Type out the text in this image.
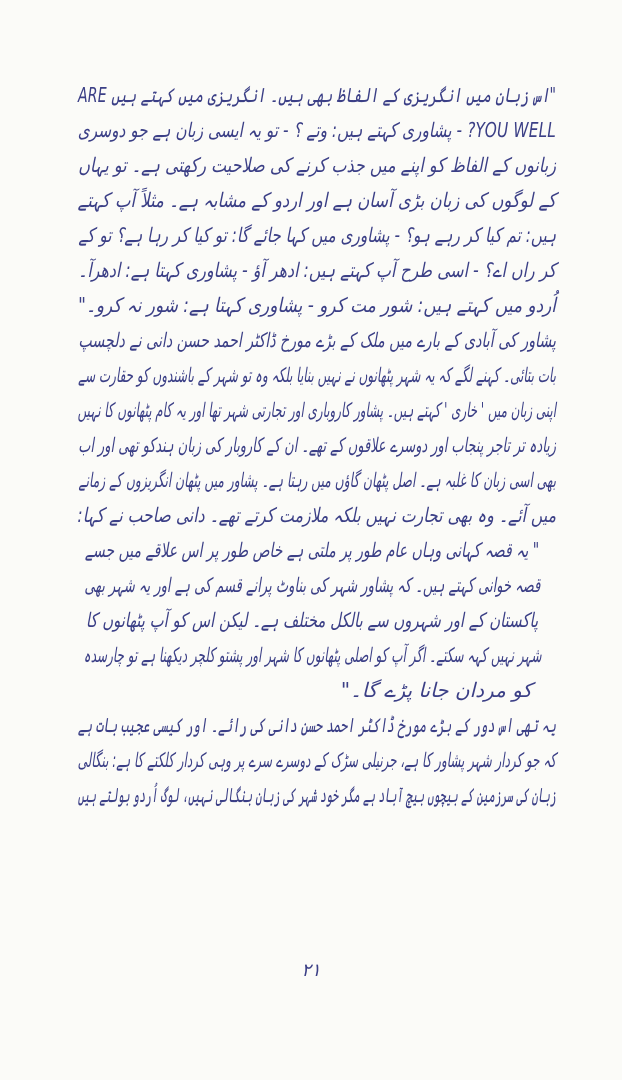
"اس زبان میں انگریزی کے الفاظ بھی ہیں۔ انگریزی میں کہتے ہیں ARE
YOU WELL? - پشاوری کہتے ہیں: وتے ؟ - تو یہ ایسی زبان ہے جو دوسری
زبانوں کے الفاظ کو اپنے میں جذب کرنے کی صلاحیت رکھتی ہے۔ تو یہاں
کے لوگوں کی زبان بڑی آسان ہے اور اردو کے مشابہ ہے۔ مثلاً آپ کہتے
ہیں: تم کیا کر رہے ہو؟ - پشاوری میں کہا جائے گا: تو کیا کر رہا ہے؟ تو کے
کر راں اے؟ - اسی طرح آپ کہتے ہیں: ادھر آؤ - پشاوری کہتا ہے: ادھرآ۔
اُردو میں کہتے ہیں: شور مت کرو - پشاوری کہتا ہے: شور نہ کرو۔"
پشاور کی آبادی کے بارے میں ملک کے بڑے مورخ ڈاکٹر احمد حسن دانی نے دلچسپ
بات بتائی۔ کہنے لگے کہ یہ شہر پٹھانوں نے نہیں بنایا بلکہ وہ تو شہر کے باشندوں کو حقارت سے
اپنی زبان میں ' خاری ' کہتے ہیں۔ پشاور کاروباری اور تجارتی شہر تھا اور یہ کام پٹھانوں کا نہیں
زیادہ تر تاجر پنجاب اور دوسرے علاقوں کے تھے۔ ان کے کاروبار کی زبان ہندکو تھی اور اب
بھی اسی زبان کا غلبہ ہے۔ اصل پٹھان گاؤں میں رہتا ہے۔ پشاور میں پٹھان انگریزوں کے زمانے
میں آئے۔ وہ بھی تجارت نہیں بلکہ ملازمت کرتے تھے۔ دانی صاحب نے کہا:
" یہ قصہ کہانی وہاں عام طور پر ملتی ہے خاص طور پر اس علاقے میں جسے
قصہ خوانی کہتے ہیں۔ کہ پشاور شہر کی بناوٹ پرانے قسم کی ہے اور یہ شہر بھی
پاکستان کے اور شہروں سے بالکل مختلف ہے۔ لیکن اس کو آپ پٹھانوں کا
شہر نہیں کہہ سکتے۔ اگر آپ کو اصلی پٹھانوں کا شہر اور پشتو کلچر دیکھنا ہے تو چارسدہ
کو مردان جانا پڑے گا۔"
یہ تھی اس دور کے بڑے مورخ ڈاکٹر احمد حسن دانی کی رائے۔ اور کیسی عجیب بات ہے
کہ جو کردار شہر پشاور کا ہے، جرنیلی سڑک کے دوسرے سرے پر وہی کردار کلکتے کا ہے: بنگالی
زبان کی سرزمین کے بیچوں بیچ آباد ہے مگر خود شہر کی زبان بنگالی نہیں، لوگ اُردو بولتے ہیں
۲۱
